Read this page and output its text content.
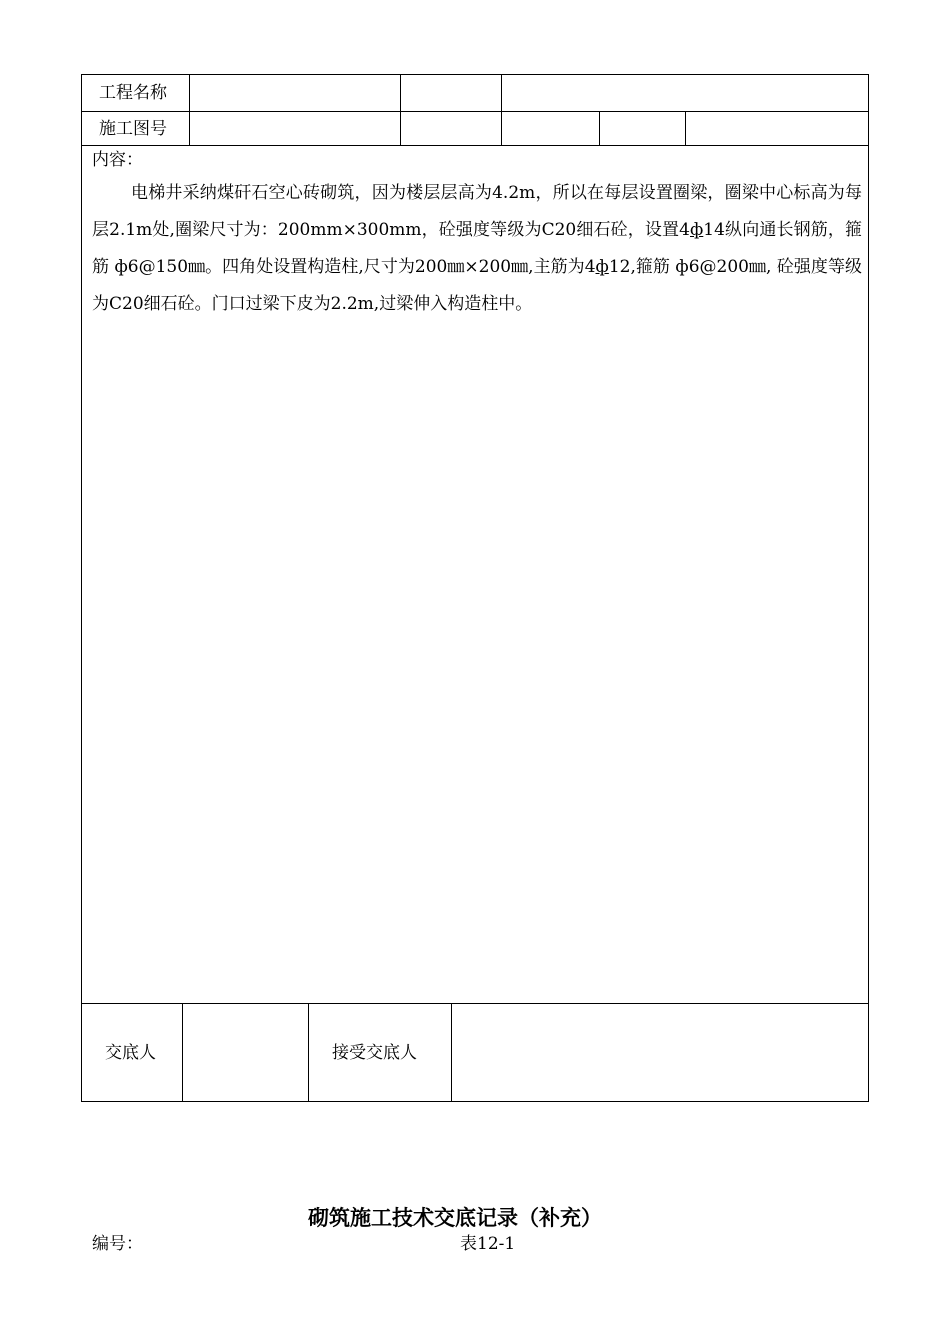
工程名称
施工图号
内容：

电梯井采纳煤矸石空心砖砌筑，因为楼层层高为4.2m，所以在每层设置圈梁，圈梁中心标高为每层2.1m处,圈梁尺寸为：200mm×300mm，砼强度等级为C20细石砼，设置4ф14纵向通长钢筋，箍筋 ф6@150㎜。四角处设置构造柱,尺寸为200㎜×200㎜,主筋为4ф12,箍筋 ф6@200㎜, 砼强度等级为C20细石砼。门口过梁下皮为2.2m,过梁伸入构造柱中。

交底人	接受交底人
砌筑施工技术交底记录（补充）
编号：	表12-1
